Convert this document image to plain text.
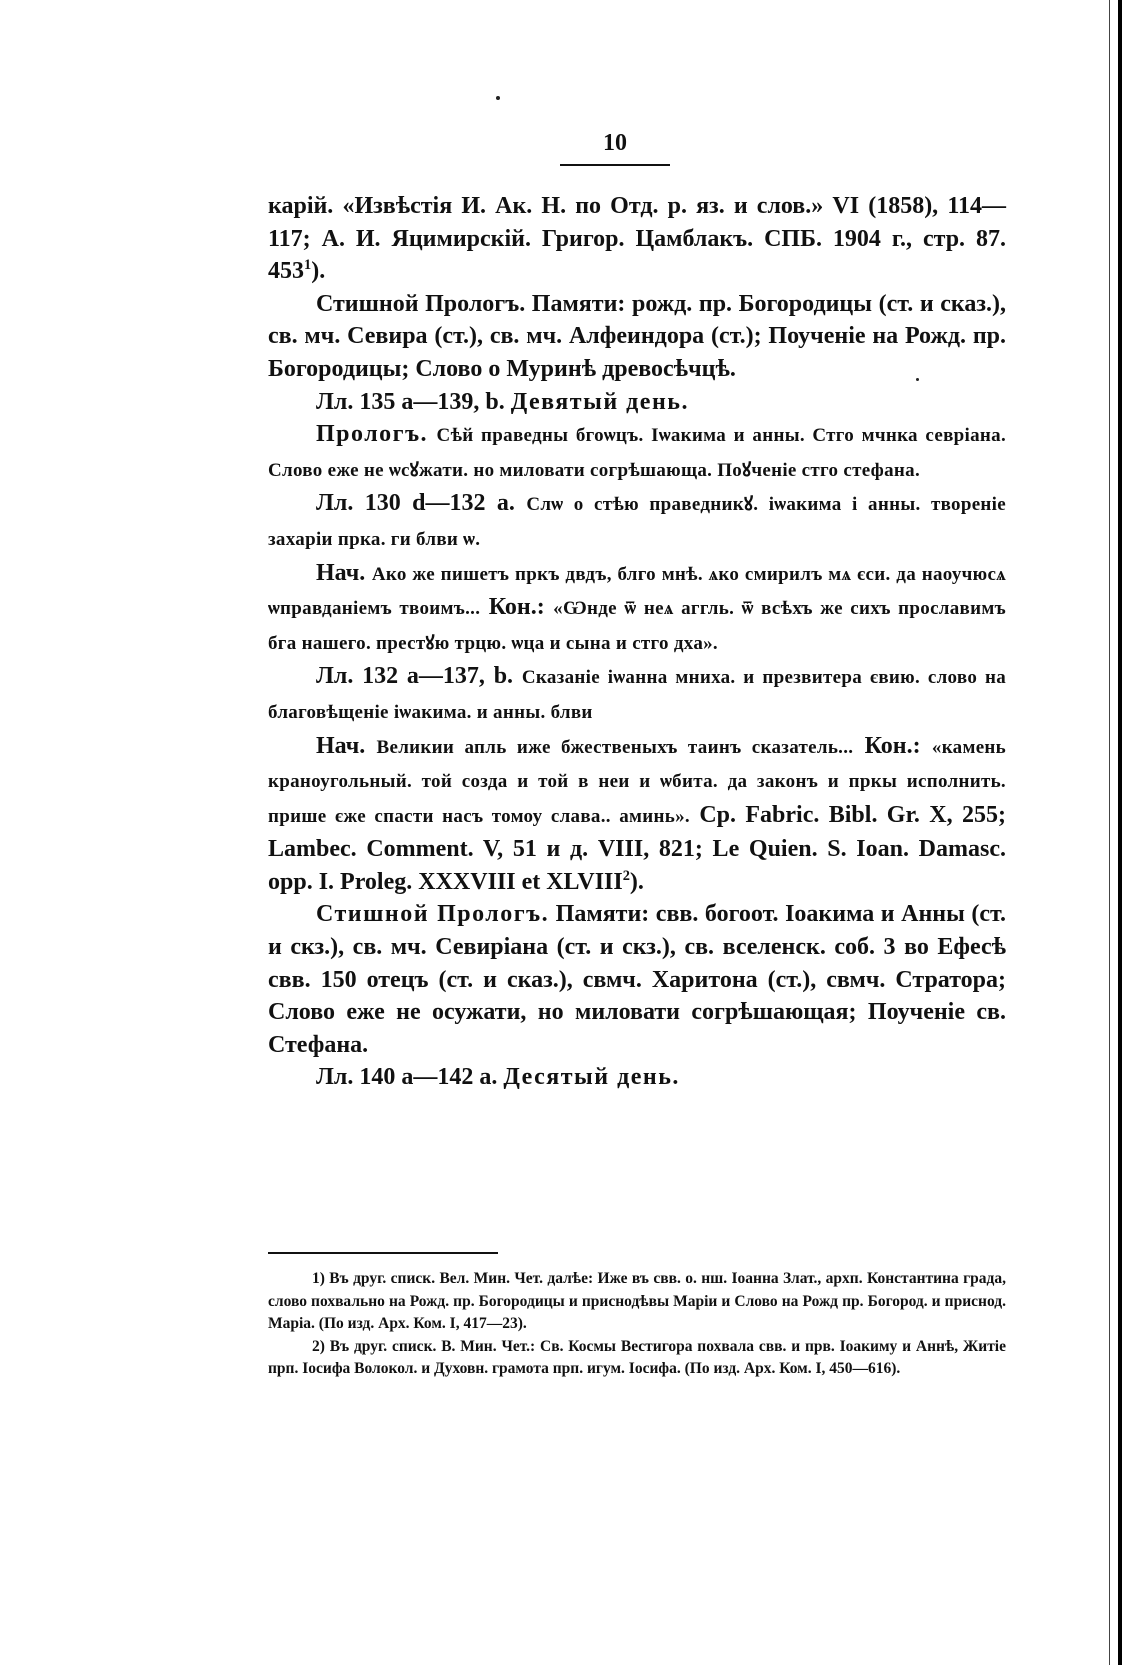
10

карій. «Извѣстія И. Ак. Н. по Отд. р. яз. и слов.» VI (1858), 114—117; А. И. Яцимирскій. Григор. Цамблакъ. СПБ. 1904 г., стр. 87. $453^1$).

Стишной Прологъ. Памяти: рожд. пр. Богородицы (ст. и сказ.), св. мч. Севира (ст.), св. мч. Алфеиндора (ст.); Поученіе на Рожд. пр. Богородицы; Слово о Муринѣ древосѣчцѣ.

Лл. 135 а—139, b. Девятый день.

Прологъ. Сѣй праведны бгоѡцъ. Іѡакима и анны. Стго мчнка севріана. Слово еже не ѡсꙋжати. но миловати согрѣшающа. Поꙋченіе стго стефана.

Лл. 130 d—132 а. Слѡ о стѣю праведникꙋ. іѡакима і анны. твореніе захаріи прка. ги блви ѡ.

Нач. Ако же пишетъ пркъ двдъ, блго мнѣ. ѧко смирилъ мѧ єси. да наоучюсѧ ѡправданіемъ твоимъ... Кон.: «Ѡнде ѿ неѧ аггль. ѿ всѣхъ же сихъ прославимъ бга нашего. престꙋю трцю. ѡца и сына и стго дха».

Лл. 132 а—137, b. Сказаніе іѡанна мниха. и презвитера євию. слово на благовѣщеніе іѡакима. и анны. блви

Нач. Великии апль иже бжественыхъ таинъ сказатель... Кон.: «камень краноугольный. той созда и той в неи и ѡбита. да законъ и пркы исполнить. прише єже спасти насъ томоу слава.. аминь». Ср. Fabric. Bibl. Gr. X, 255; Lambec. Comment. V, 51 и д. VIII, 821; Le Quien. S. Ioan. Damasc. opp. I. Proleg. XXXVIII et XLVIII$^2$).

Стишной Прологъ. Памяти: свв. богоот. Іоакима и Анны (ст. и скз.), св. мч. Севиріана (ст. и скз.), св. вселенск. соб. 3 во Ефесѣ свв. 150 отецъ (ст. и сказ.), свмч. Харитона (ст.), свмч. Стратора; Слово еже не осужати, но миловати согрѣшающая; Поученіе св. Стефана.

Лл. 140 а—142 а. Десятый день.

1) Въ друг. списк. Вел. Мин. Чет. далѣе: Иже въ свв. о. нш. Іоанна Злат., архп. Константина града, слово похвально на Рожд. пр. Богородицы и приснодѣвы Маріи и Слово на Рожд пр. Богород. и приснод. Маріа. (По изд. Арх. Ком. I, 417—23).

2) Въ друг. списк. В. Мин. Чет.: Св. Космы Вестигора похвала свв. и прв. Іоакиму и Аннѣ, Житіе прп. Іосифа Волокол. и Духовн. грамота прп. игум. Іосифа. (По изд. Арх. Ком. I, 450—616).
